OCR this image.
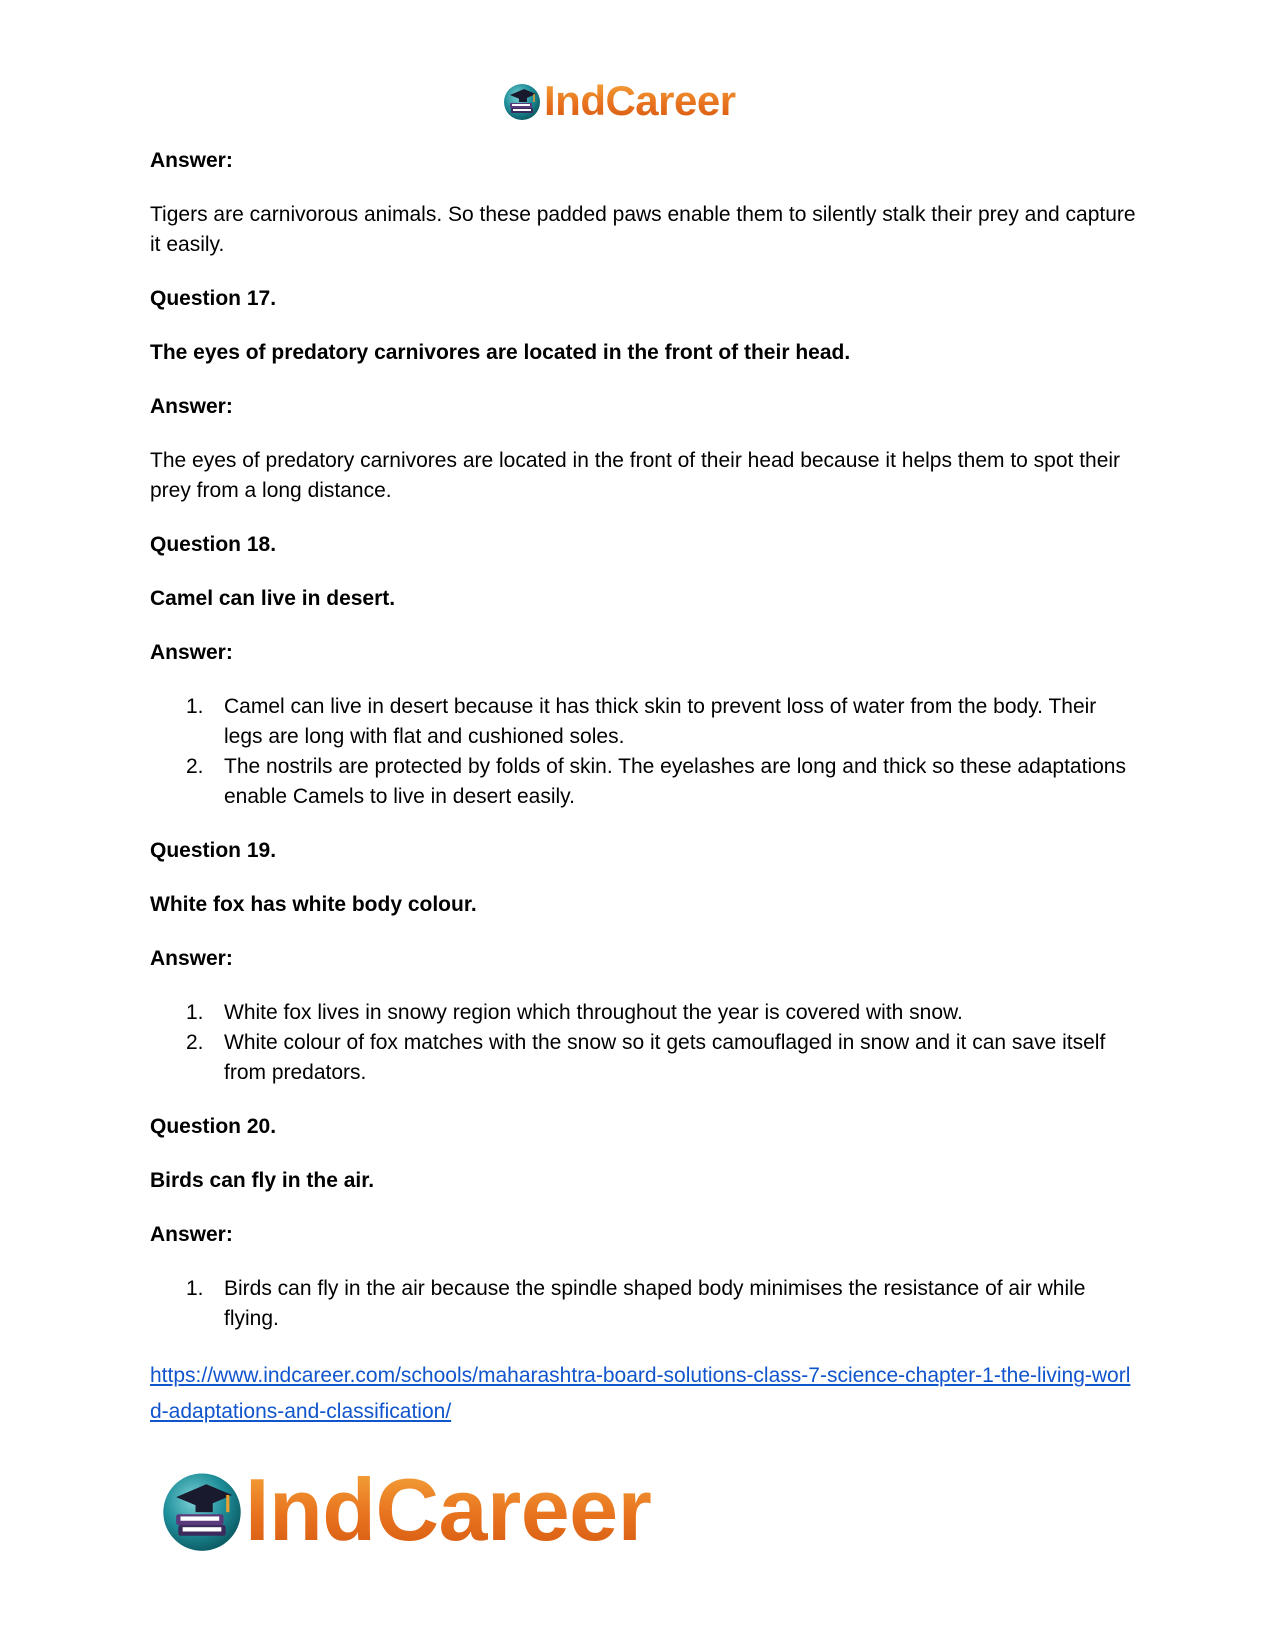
IndCareer

Answer:

Tigers are carnivorous animals. So these padded paws enable them to silently stalk their prey and capture it easily.

Question 17.

The eyes of predatory carnivores are located in the front of their head.

Answer:

The eyes of predatory carnivores are located in the front of their head because it helps them to spot their prey from a long distance.

Question 18.

Camel can live in desert.

Answer:

1. Camel can live in desert because it has thick skin to prevent loss of water from the body. Their legs are long with flat and cushioned soles.
2. The nostrils are protected by folds of skin. The eyelashes are long and thick so these adaptations enable Camels to live in desert easily.

Question 19.

White fox has white body colour.

Answer:

1. White fox lives in snowy region which throughout the year is covered with snow.
2. White colour of fox matches with the snow so it gets camouflaged in snow and it can save itself from predators.

Question 20.

Birds can fly in the air.

Answer:

1. Birds can fly in the air because the spindle shaped body minimises the resistance of air while flying.
https://www.indcareer.com/schools/maharashtra-board-solutions-class-7-science-chapter-1-the-living-world-adaptations-and-classification/
IndCareer
